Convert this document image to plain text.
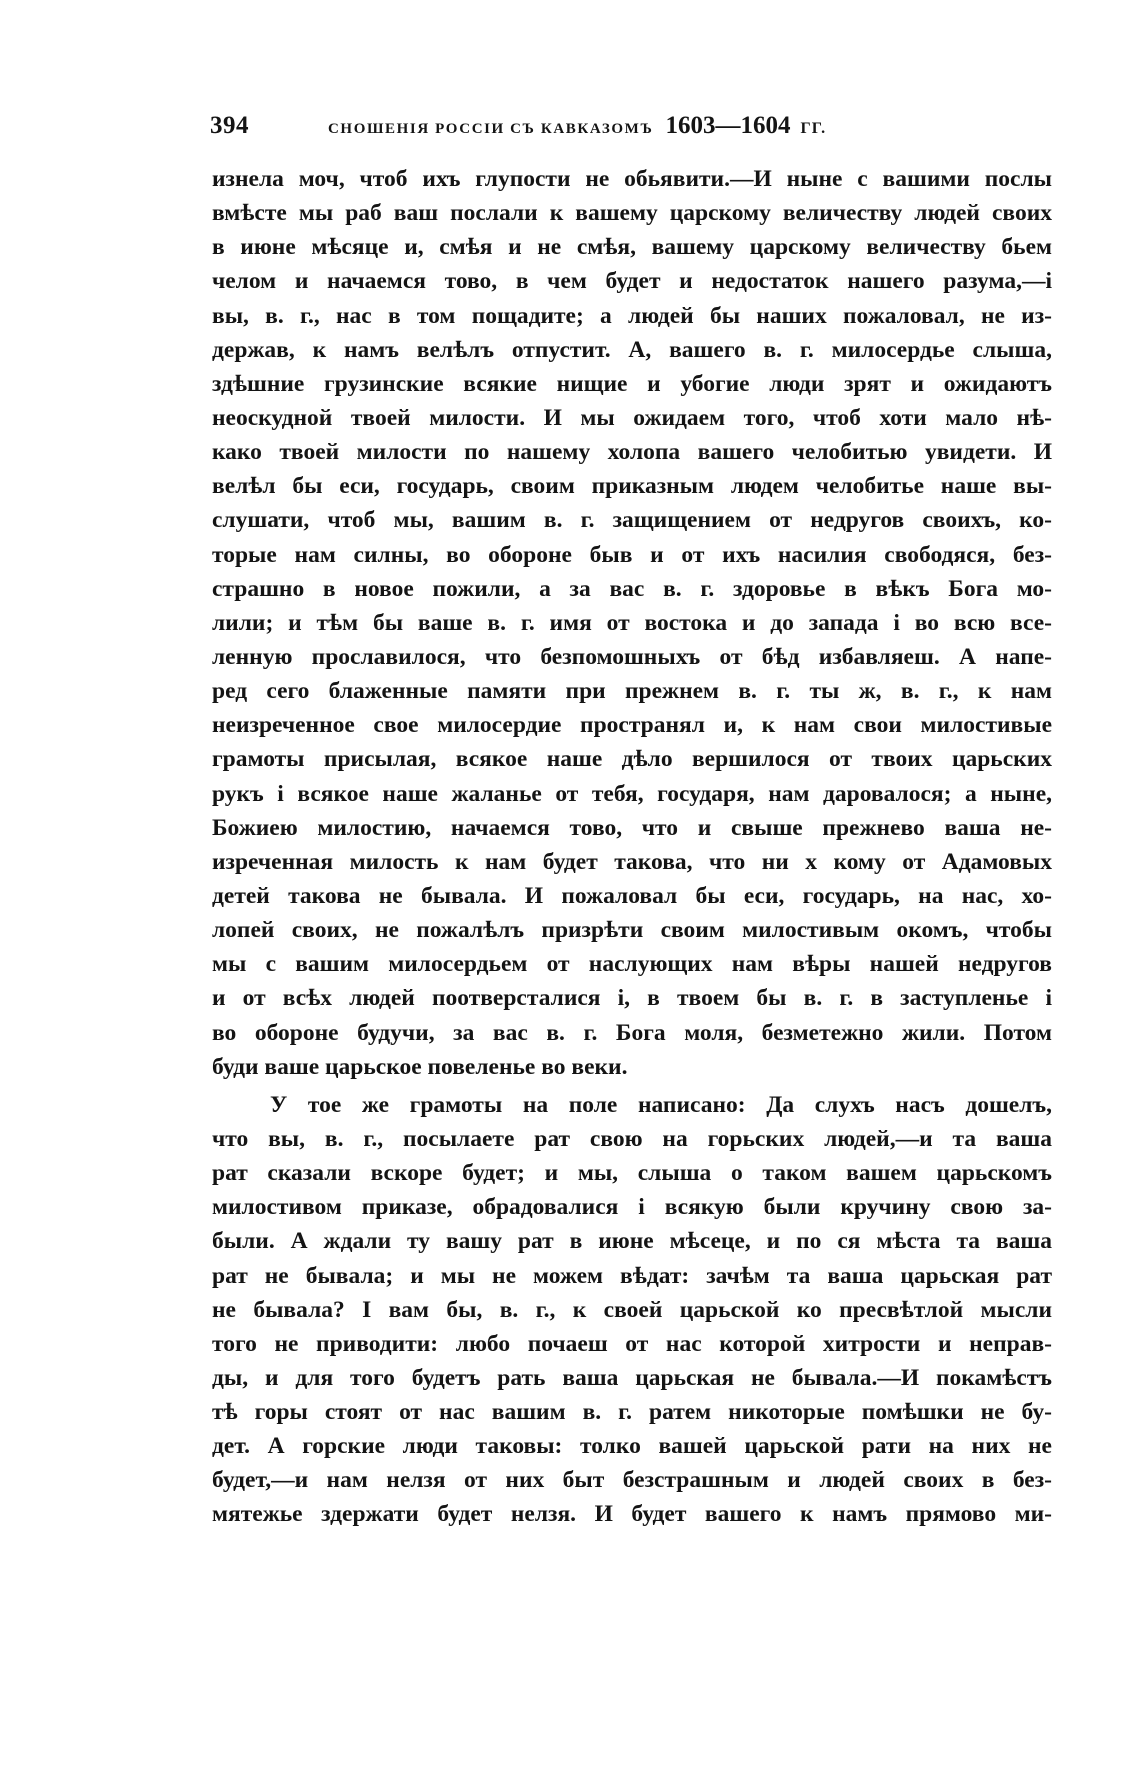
394	СНОШЕНІЯ РОССІИ СЪ КАВКАЗОМЪ 1603—1604 ГГ.
изнела моч, чтоб ихъ глупости не обьявити.—И ныне с вашими послы
вмѣсте мы раб ваш послали к вашему царскому величеству людей своих
в июне мѣсяце и, смѣя и не смѣя, вашему царскому величеству бьем
челом и начаемся тово, в чем будет и недостаток нашего разума,—і
вы, в. г., нас в том пощадите; а людей бы наших пожаловал, не из-
держав, к намъ велѣлъ отпустит. А, вашего в. г. милосердье слыша,
здѣшние грузинские всякие нищие и убогие люди зрят и ожидаютъ
неоскудной твоей милости. И мы ожидаем того, чтоб хоти мало нѣ-
како твоей милости по нашему холопа вашего челобитью увидети. И
велѣл бы еси, государь, своим приказным людем челобитье наше вы-
слушати, чтоб мы, вашим в. г. защищением от недругов своихъ, ко-
торые нам силны, во обороне быв и от ихъ насилия свободяся, без-
страшно в новое пожили, а за вас в. г. здоровье в вѣкъ Бога мо-
лили; и тѣм бы ваше в. г. имя от востока и до запада і во всю все-
ленную прославилося, что безпомошныхъ от бѣд избавляеш. А напе-
ред сего блаженные памяти при прежнем в. г. ты ж, в. г., к нам
неизреченное свое милосердие пространял и, к нам свои милостивые
грамоты присылая, всякое наше дѣло вершилося от твоих царьских
рукъ і всякое наше жаланье от тебя, государя, нам даровалося; а ныне,
Божиею милостию, начаемся тово, что и свыше прежнево ваша не-
изреченная милость к нам будет такова, что ни х кому от Адамовых
детей такова не бывала. И пожаловал бы еси, государь, на нас, хо-
лопей своих, не пожалѣлъ призрѣти своим милостивым окомъ, чтобы
мы с вашим милосердьем от наслующих нам вѣры нашей недругов
и от всѣх людей поотверсталися і, в твоем бы в. г. в заступленье і
во обороне будучи, за вас в. г. Бога моля, безметежно жили. Потом
буди ваше царьское повеленье во веки.
У тое же грамоты на поле написано: Да слухъ насъ дошелъ,
что вы, в. г., посылаете рат свою на горьских людей,—и та ваша
рат сказали вскоре будет; и мы, слыша о таком вашем царьскомъ
милостивом приказе, обрадовалися і всякую были кручину свою за-
были. А ждали ту вашу рат в июне мѣсеце, и по ся мѣста та ваша
рат не бывала; и мы не можем вѣдат: зачѣм та ваша царьская рат
не бывала? І вам бы, в. г., к своей царьской ко пресвѣтлой мысли
того не приводити: любо почаеш от нас которой хитрости и неправ-
ды, и для того будетъ рать ваша царьская не бывала.—И покамѣстъ
тѣ горы стоят от нас вашим в. г. ратем никоторые помѣшки не бу-
дет. А горские люди таковы: толко вашей царьской рати на них не
будет,—и нам нелзя от них быт безстрашным и людей своих в без-
мятежье здержати будет нелзя. И будет вашего к намъ прямово ми-
